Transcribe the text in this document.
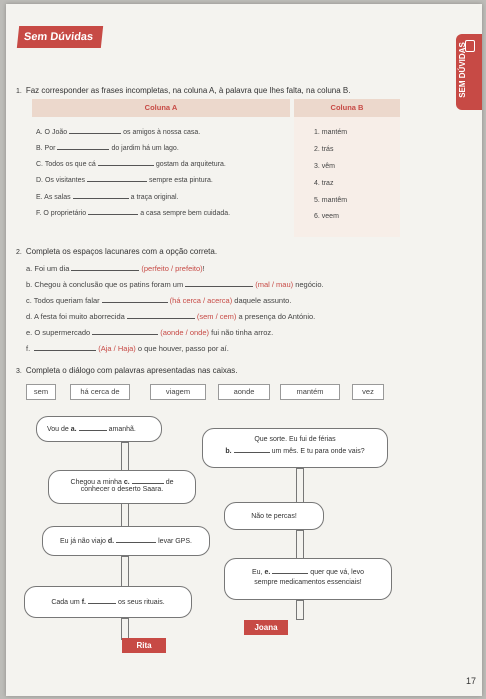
Sem Dúvidas
SEM DÚVIDAS
1. Faz corresponder as frases incompletas, na coluna A, à palavra que lhes falta, na coluna B.
Coluna A	Coluna B
A. O João	os amigos à nossa casa.
B. Por	do jardim há um lago.
C. Todos os que cá	gostam da arquitetura.
D. Os visitantes	sempre esta pintura.
E. As salas	a traça original.
F. O proprietário	a casa sempre bem cuidada.
1. mantém
2. trás
3. vêm
4. traz
5. mantêm
6. veem
2. Completa os espaços lacunares com a opção correta.
a. Foi um dia	(perfeito / prefeito)!
b. Chegou à conclusão que os patins foram um	(mal / mau) negócio.
c. Todos queriam falar	(há cerca / acerca) daquele assunto.
d. A festa foi muito aborrecida	(sem / cem) a presença do António.
e. O supermercado	(aonde / onde) fui não tinha arroz.
f.	(Aja / Haja) o que houver, passo por aí.
3. Completa o diálogo com palavras apresentadas nas caixas.
sem	há cerca de	viagem	aonde	mantém	vez
Vou de a.	amanhã.
Chegou a minha c.	de
conhecer o deserto Saara.
Eu já não viajo d.	levar GPS.
Cada um f.	os seus rituais.
Rita
Que sorte. Eu fui de férias
b.	um mês. E tu para onde vais?
Não te percas!
Eu, e.	quer que vá, levo
sempre medicamentos essenciais!
Joana
17
